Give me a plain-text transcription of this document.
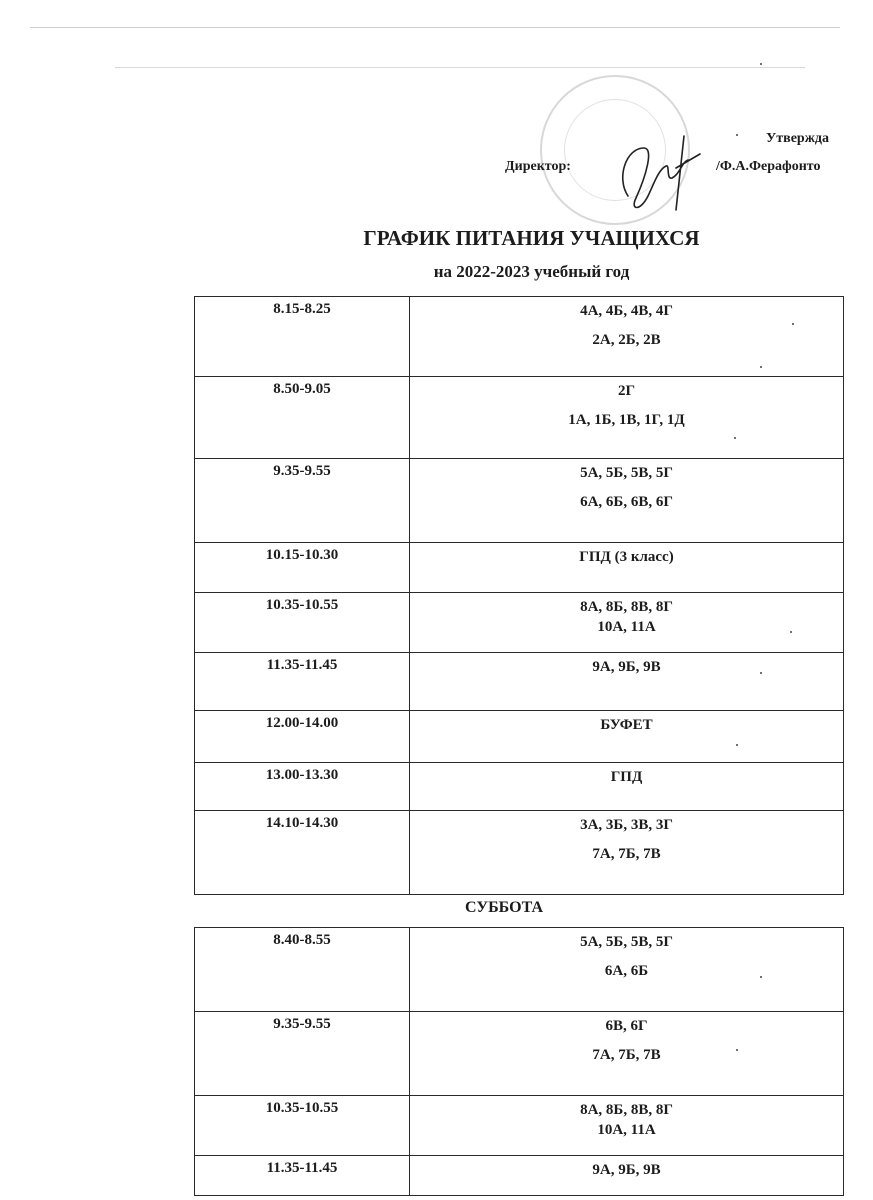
Утвержда
Директор:	/Ф.А.Ферафонто
ГРАФИК ПИТАНИЯ УЧАЩИХСЯ
на 2022-2023 учебный год
8.15-8.25	4А, 4Б, 4В, 4Г
2А, 2Б, 2В

8.50-9.05	2Г
1А, 1Б, 1В, 1Г, 1Д

9.35-9.55	5А, 5Б, 5В, 5Г
6А, 6Б, 6В, 6Г

10.15-10.30	ГПД (3 класс)

10.35-10.55	8А, 8Б, 8В, 8Г
10А, 11А

11.35-11.45	9А, 9Б, 9В

12.00-14.00	БУФЕТ

13.00-13.30	ГПД

14.10-14.30	3А, 3Б, 3В, 3Г
7А, 7Б, 7В
СУББОТА
8.40-8.55	5А, 5Б, 5В, 5Г
6А, 6Б

9.35-9.55	6В, 6Г
7А, 7Б, 7В

10.35-10.55	8А, 8Б, 8В, 8Г
10А, 11А

11.35-11.45	9А, 9Б, 9В
